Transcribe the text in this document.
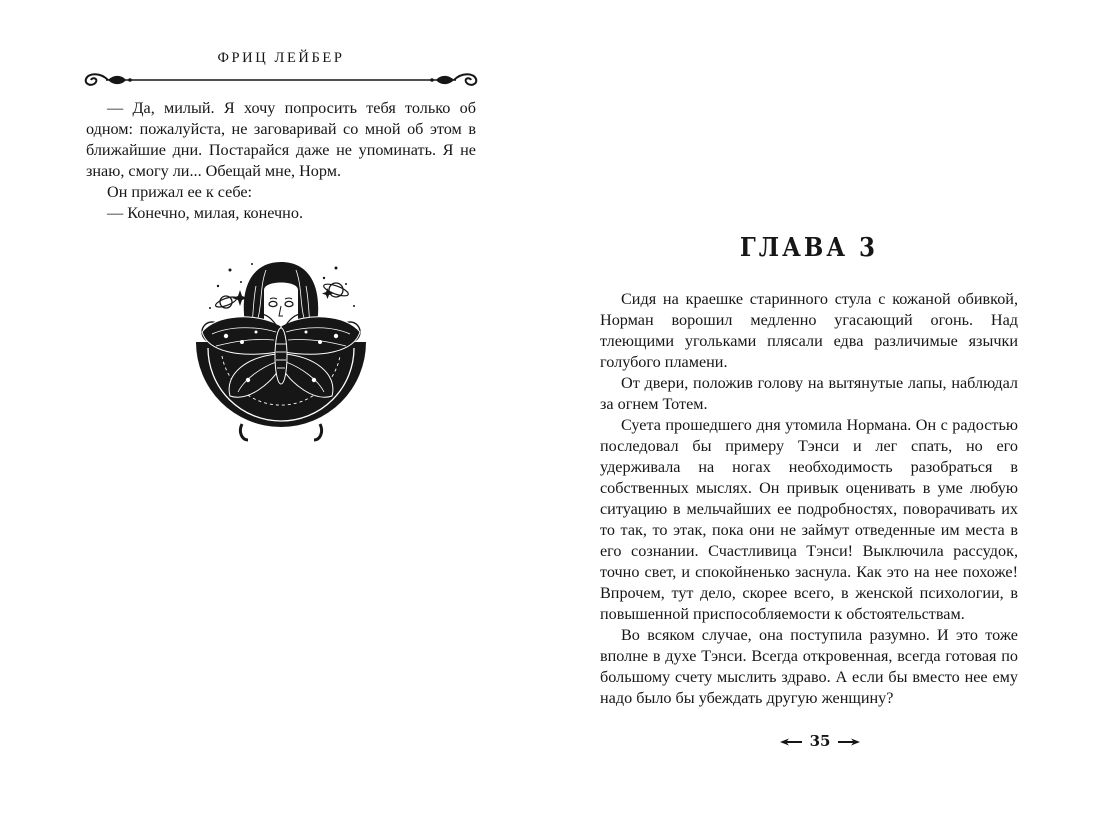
ФРИЦ ЛЕЙБЕР

— Да, милый. Я хочу попросить тебя только об одном: пожалуйста, не заговаривай со мной об этом в ближайшие дни. Постарайся даже не упоминать. Я не знаю, смогу ли... Обещай мне, Норм.

Он прижал ее к себе:

— Конечно, милая, конечно.

ГЛАВА 3

Сидя на краешке старинного стула с кожаной обивкой, Норман ворошил медленно угасающий огонь. Над тлеющими угольками плясали едва различимые язычки голубого пламени.

От двери, положив голову на вытянутые лапы, наблюдал за огнем Тотем.

Суета прошедшего дня утомила Нормана. Он с радостью последовал бы примеру Тэнси и лег спать, но его удерживала на ногах необходимость разобраться в собственных мыслях. Он привык оценивать в уме любую ситуацию в мельчайших ее подробностях, поворачивать их то так, то этак, пока они не займут отведенные им места в его сознании. Счастливица Тэнси! Выключила рассудок, точно свет, и спокойненько заснула. Как это на нее похоже! Впрочем, тут дело, скорее всего, в женской психологии, в повышенной приспособляемости к обстоятельствам.

Во всяком случае, она поступила разумно. И это тоже вполне в духе Тэнси. Всегда откровенная, всегда готовая по большому счету мыслить здраво. А если бы вместо нее ему надо было бы убеждать другую женщину?

35
